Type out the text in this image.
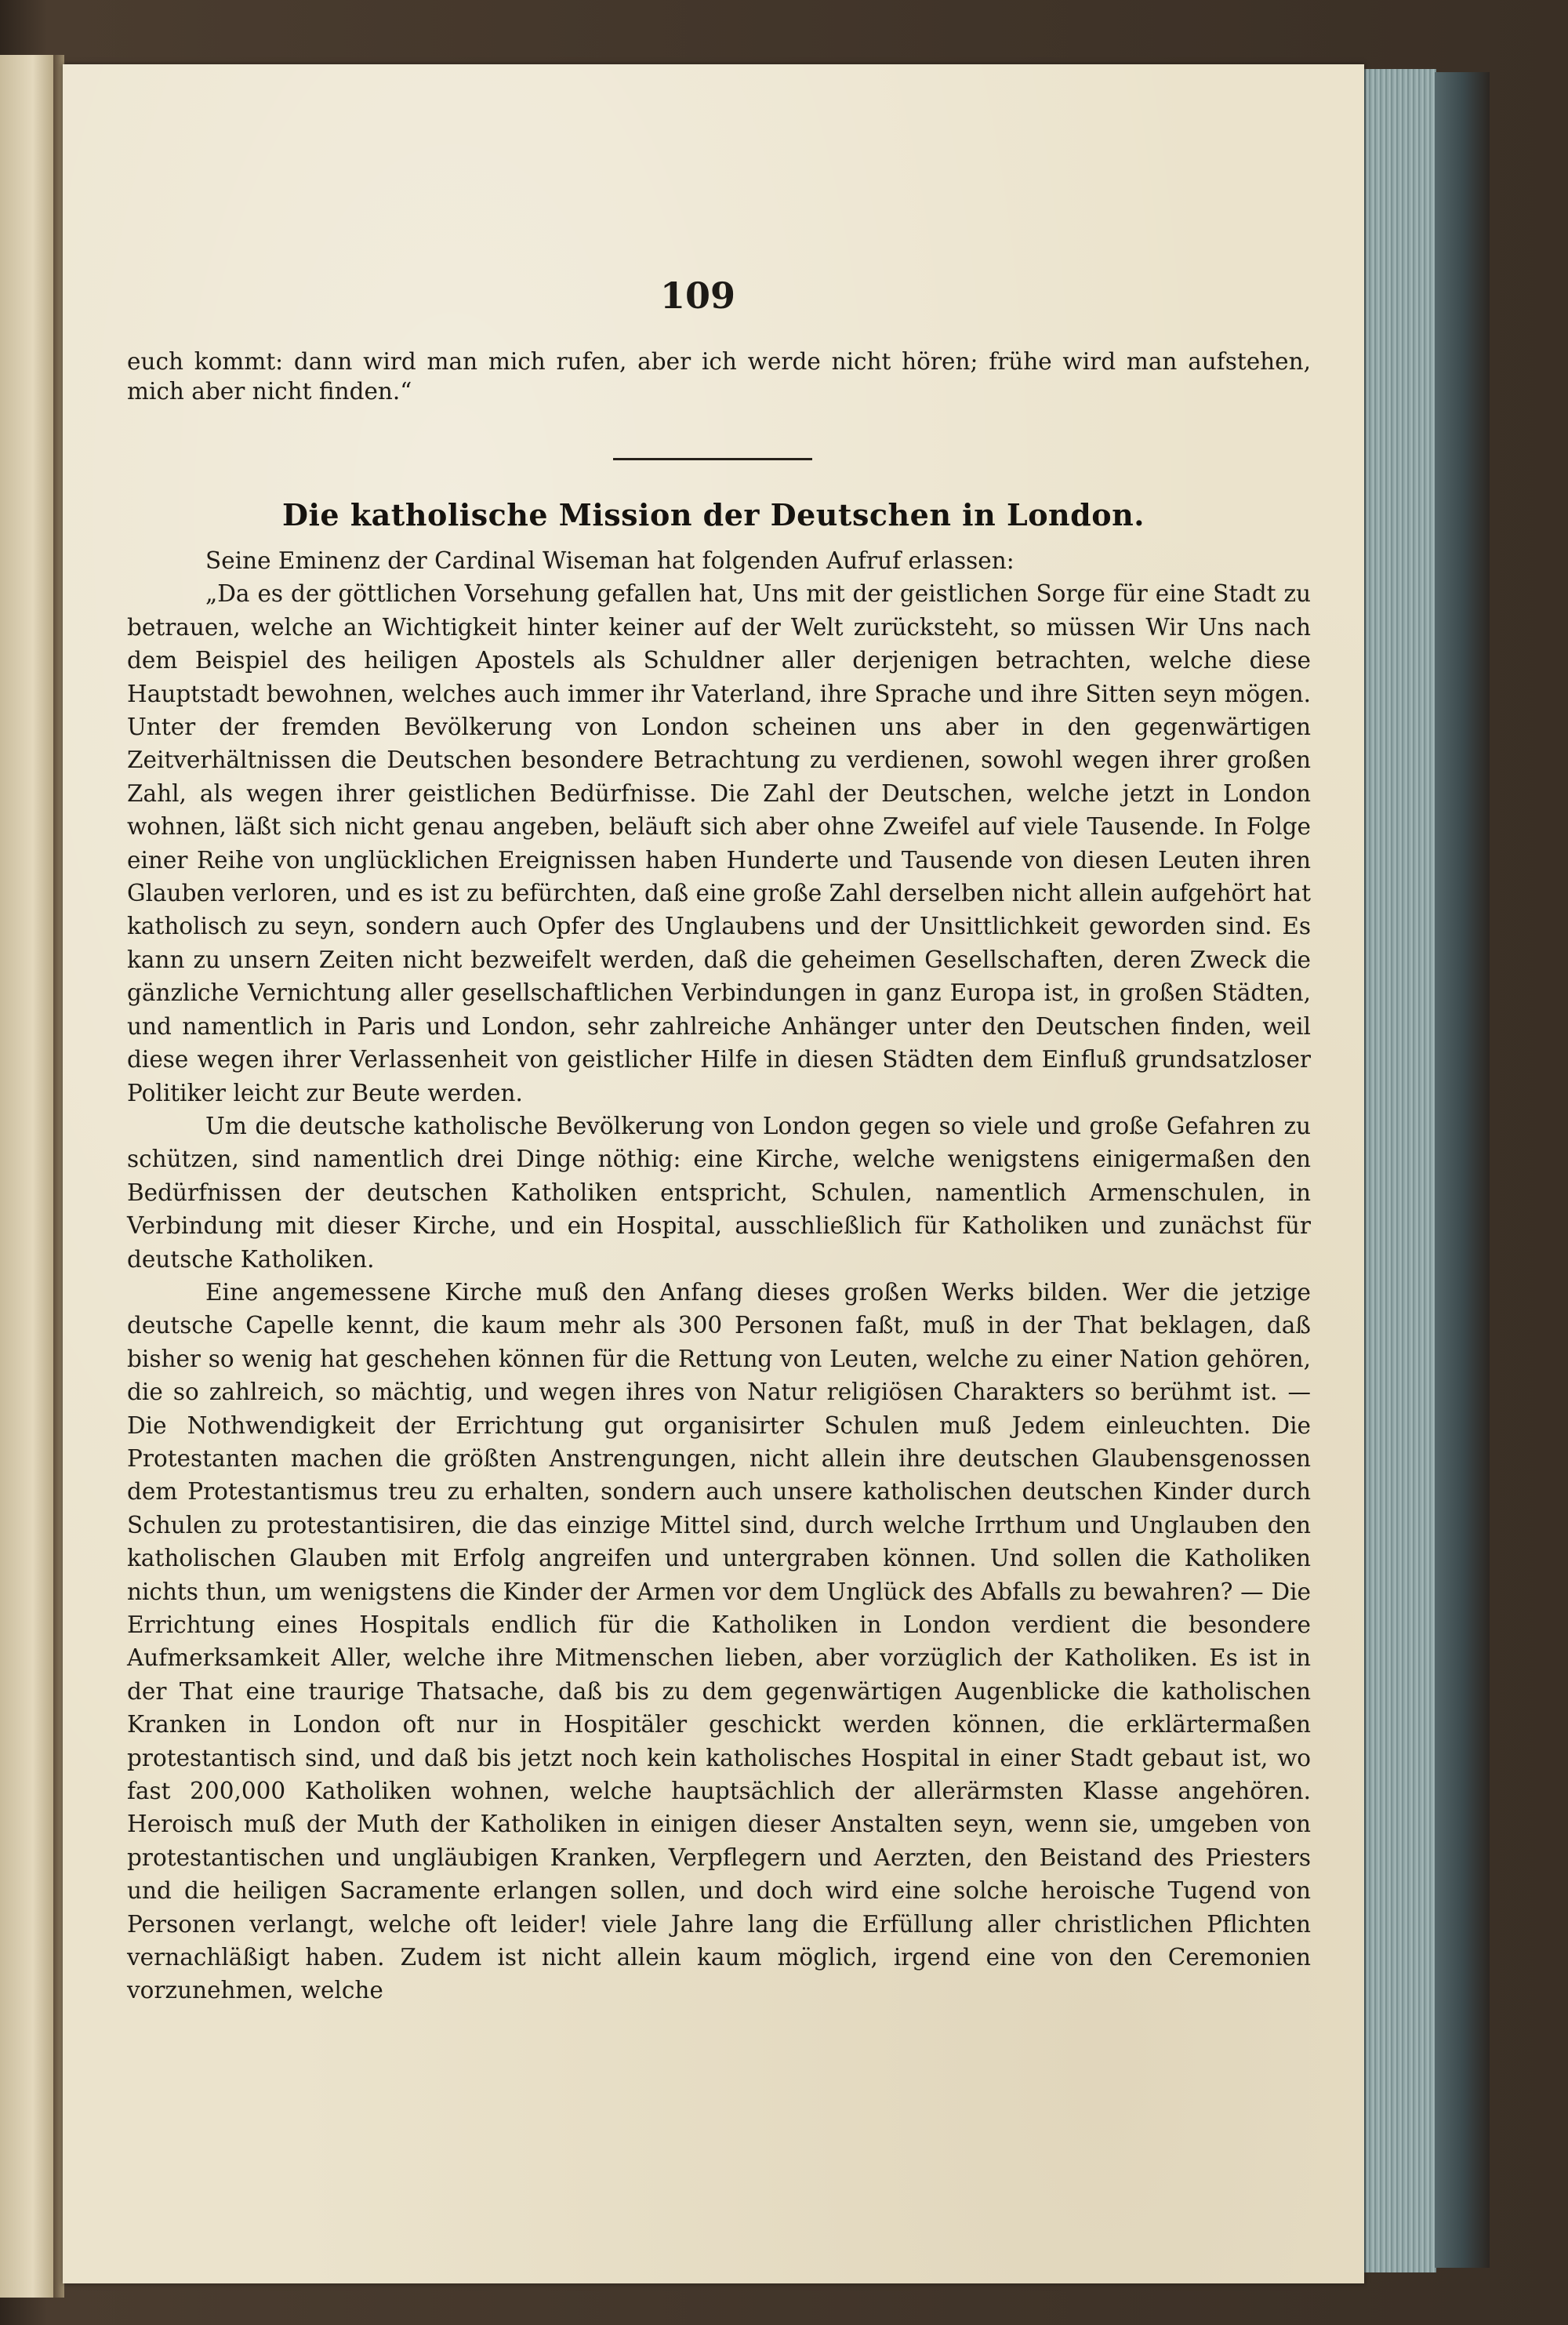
109
euch kommt: dann wird man mich rufen, aber ich werde nicht hören; frühe wird man aufstehen, mich aber nicht finden.“
Die katholische Mission der Deutschen in London.

Seine Eminenz der Cardinal Wiseman hat folgenden Aufruf erlassen:

„Da es der göttlichen Vorsehung gefallen hat, Uns mit der geistlichen Sorge für eine Stadt zu betrauen, welche an Wichtigkeit hinter keiner auf der Welt zurücksteht, so müssen Wir Uns nach dem Beispiel des heiligen Apostels als Schuldner aller derjenigen betrachten, welche diese Hauptstadt bewohnen, welches auch immer ihr Vaterland, ihre Sprache und ihre Sitten seyn mögen. Unter der fremden Bevölkerung von London scheinen uns aber in den gegenwärtigen Zeitverhältnissen die Deutschen besondere Betrachtung zu verdienen, sowohl wegen ihrer großen Zahl, als wegen ihrer geistlichen Bedürfnisse. Die Zahl der Deutschen, welche jetzt in London wohnen, läßt sich nicht genau angeben, beläuft sich aber ohne Zweifel auf viele Tausende. In Folge einer Reihe von unglücklichen Ereignissen haben Hunderte und Tausende von diesen Leuten ihren Glauben verloren, und es ist zu befürchten, daß eine große Zahl derselben nicht allein aufgehört hat katholisch zu seyn, sondern auch Opfer des Unglaubens und der Unsittlichkeit geworden sind. Es kann zu unsern Zeiten nicht bezweifelt werden, daß die geheimen Gesellschaften, deren Zweck die gänzliche Vernichtung aller gesellschaftlichen Verbindungen in ganz Europa ist, in großen Städten, und namentlich in Paris und London, sehr zahlreiche Anhänger unter den Deutschen finden, weil diese wegen ihrer Verlassenheit von geistlicher Hilfe in diesen Städten dem Einfluß grundsatzloser Politiker leicht zur Beute werden.

Um die deutsche katholische Bevölkerung von London gegen so viele und große Gefahren zu schützen, sind namentlich drei Dinge nöthig: eine Kirche, welche wenigstens einigermaßen den Bedürfnissen der deutschen Katholiken entspricht, Schulen, namentlich Armenschulen, in Verbindung mit dieser Kirche, und ein Hospital, ausschließlich für Katholiken und zunächst für deutsche Katholiken.

Eine angemessene Kirche muß den Anfang dieses großen Werks bilden. Wer die jetzige deutsche Capelle kennt, die kaum mehr als 300 Personen faßt, muß in der That beklagen, daß bisher so wenig hat geschehen können für die Rettung von Leuten, welche zu einer Nation gehören, die so zahlreich, so mächtig, und wegen ihres von Natur religiösen Charakters so berühmt ist. — Die Nothwendigkeit der Errichtung gut organisirter Schulen muß Jedem einleuchten. Die Protestanten machen die größten Anstrengungen, nicht allein ihre deutschen Glaubensgenossen dem Protestantismus treu zu erhalten, sondern auch unsere katholischen deutschen Kinder durch Schulen zu protestantisiren, die das einzige Mittel sind, durch welche Irrthum und Unglauben den katholischen Glauben mit Erfolg angreifen und untergraben können. Und sollen die Katholiken nichts thun, um wenigstens die Kinder der Armen vor dem Unglück des Abfalls zu bewahren? — Die Errichtung eines Hospitals endlich für die Katholiken in London verdient die besondere Aufmerksamkeit Aller, welche ihre Mitmenschen lieben, aber vorzüglich der Katholiken. Es ist in der That eine traurige Thatsache, daß bis zu dem gegenwärtigen Augenblicke die katholischen Kranken in London oft nur in Hospitäler geschickt werden können, die erklärtermaßen protestantisch sind, und daß bis jetzt noch kein katholisches Hospital in einer Stadt gebaut ist, wo fast 200,000 Katholiken wohnen, welche hauptsächlich der allerärmsten Klasse angehören. Heroisch muß der Muth der Katholiken in einigen dieser Anstalten seyn, wenn sie, umgeben von protestantischen und ungläubigen Kranken, Verpflegern und Aerzten, den Beistand des Priesters und die heiligen Sacramente erlangen sollen, und doch wird eine solche heroische Tugend von Personen verlangt, welche oft leider! viele Jahre lang die Erfüllung aller christlichen Pflichten vernachläßigt haben. Zudem ist nicht allein kaum möglich, irgend eine von den Ceremonien vorzunehmen, welche
